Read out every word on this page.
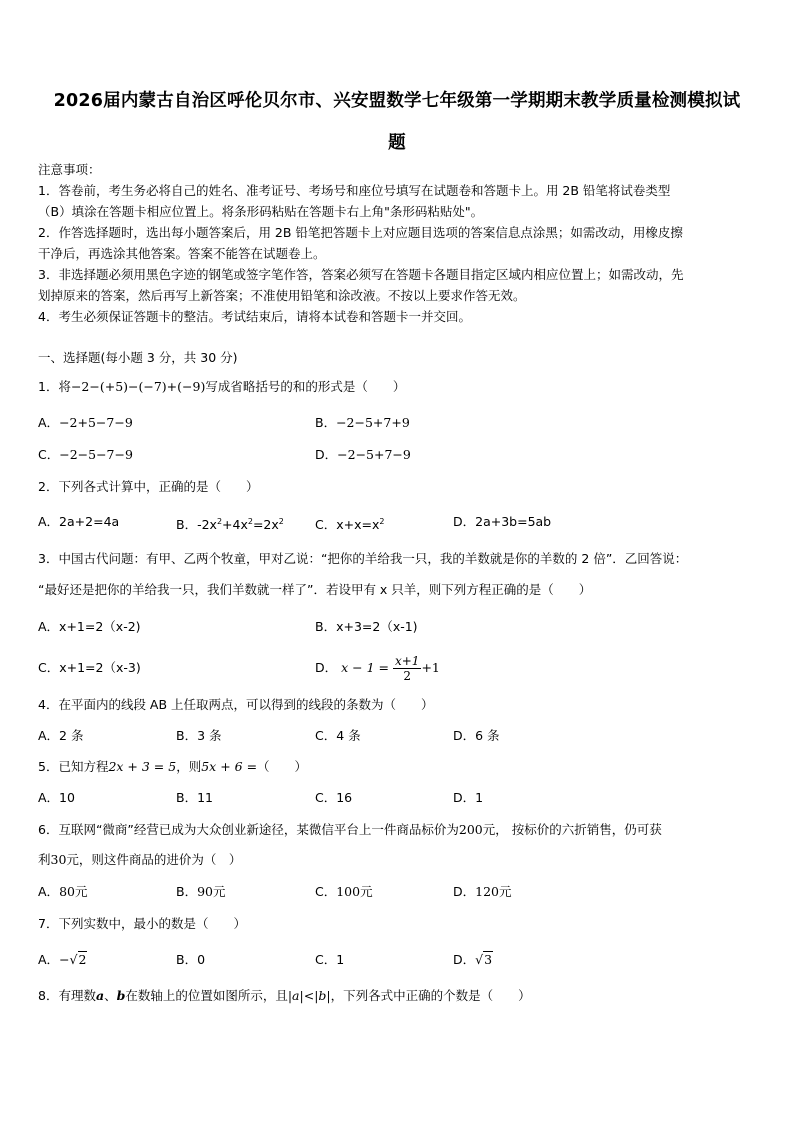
2026届内蒙古自治区呼伦贝尔市、兴安盟数学七年级第一学期期末教学质量检测模拟试
题
注意事项：
1．答卷前，考生务必将自己的姓名、准考证号、考场号和座位号填写在试题卷和答题卡上。用 2B 铅笔将试卷类型
（B）填涂在答题卡相应位置上。将条形码粘贴在答题卡右上角"条形码粘贴处"。
2．作答选择题时，选出每小题答案后，用 2B 铅笔把答题卡上对应题目选项的答案信息点涂黑；如需改动，用橡皮擦
干净后，再选涂其他答案。答案不能答在试题卷上。
3．非选择题必须用黑色字迹的钢笔或签字笔作答，答案必须写在答题卡各题目指定区域内相应位置上；如需改动，先
划掉原来的答案，然后再写上新答案；不准使用铅笔和涂改液。不按以上要求作答无效。
4．考生必须保证答题卡的整洁。考试结束后，请将本试卷和答题卡一并交回。
一、选择题(每小题 3 分，共 30 分)
1．将−2−(+5)−(−7)+(−9)写成省略括号的和的形式是（　　）
A．−2+5−7−9	B．−2−5+7+9
C．−2−5−7−9	D．−2−5+7−9
2．下列各式计算中，正确的是（　　）
A．2a+2=4a	B．$-2x^2+4x^2=2x^2$ C．$x+x=x^2$	D．2a+3b=5ab
3．中国古代问题：有甲、乙两个牧童，甲对乙说：“把你的羊给我一只，我的羊数就是你的羊数的 2 倍”．乙回答说：
“最好还是把你的羊给我一只，我们羊数就一样了”．若设甲有 x 只羊，则下列方程正确的是（　　）
A．x+1=2（x-2)	B．x+3=2（x-1)
C．x+1=2（x-3)	D． $x - 1 = \frac{x+1}{2} +1$
4．在平面内的线段 AB 上任取两点，可以得到的线段的条数为（　　）
A．2 条	B．3 条	C．4 条	D．6 条
5．已知方程2x + 3 = 5，则5x + 6 =（　　）
A．10	B．11	C．16	D．1
6．互联网“微商”经营已成为大众创业新途径，某微信平台上一件商品标价为200元， 按标价的六折销售，仍可获
利30元，则这件商品的进价为（　）
A．80元	B．90元	C．100元	D．120元
7．下列实数中，最小的数是（　　）
A．−√2	B．0	C．1	D．√3
8．有理数a、b在数轴上的位置如图所示，且|a|<|b|，下列各式中正确的个数是（　　）
